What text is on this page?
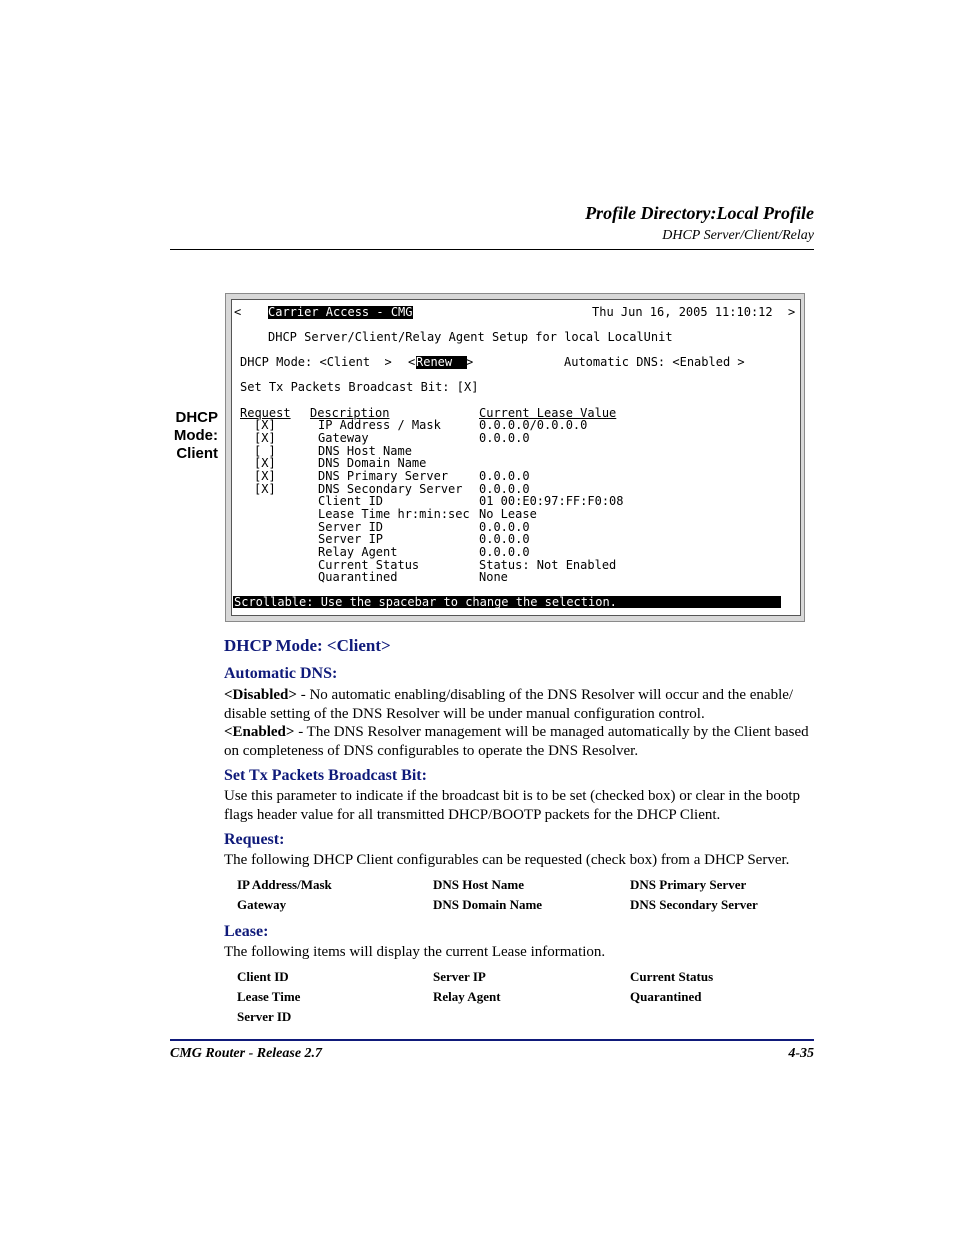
Profile Directory:Local Profile
DHCP Server/Client/Relay
DHCP
Mode:
Client
< Carrier Access - CMG	Thu Jun 16, 2005 11:10:12 >
DHCP Server/Client/Relay Agent Setup for local LocalUnit
DHCP Mode: <Client  > < Renew >	Automatic DNS: <Enabled >
Set Tx Packets Broadcast Bit: [X]
Request Description	Current Lease Value
[X]	IP Address / Mask	0.0.0.0/0.0.0.0
[X]	Gateway	0.0.0.0
[ ]	DNS Host Name
[X]	DNS Domain Name
[X]	DNS Primary Server	0.0.0.0
[X]	DNS Secondary Server 0.0.0.0
Client ID	01 00:E0:97:FF:F0:08
Lease Time hr:min:sec No Lease
Server ID	0.0.0.0
Server IP	0.0.0.0
Relay Agent	0.0.0.0
Current Status	Status: Not Enabled
Quarantined	None
Scrollable: Use the spacebar to change the selection.
DHCP Mode: <Client>
Automatic DNS:
<Disabled> - No automatic enabling/disabling of the DNS Resolver will occur and the enable/ disable setting of the DNS Resolver will be under manual configuration control.
<Enabled> - The DNS Resolver management will be managed automatically by the Client based on completeness of DNS configurables to operate the DNS Resolver.
Set Tx Packets Broadcast Bit:
Use this parameter to indicate if the broadcast bit is to be set (checked box) or clear in the bootp flags header value for all transmitted DHCP/BOOTP packets for the DHCP Client.
Request:
The following DHCP Client configurables can be requested (check box) from a DHCP Server.
IP Address/Mask	DNS Host Name	DNS Primary Server
Gateway	DNS Domain Name	DNS Secondary Server
Lease:
The following items will display the current Lease information.
Client ID	Server IP	Current Status
Lease Time	Relay Agent	Quarantined
Server ID
CMG Router - Release 2.7	4-35
